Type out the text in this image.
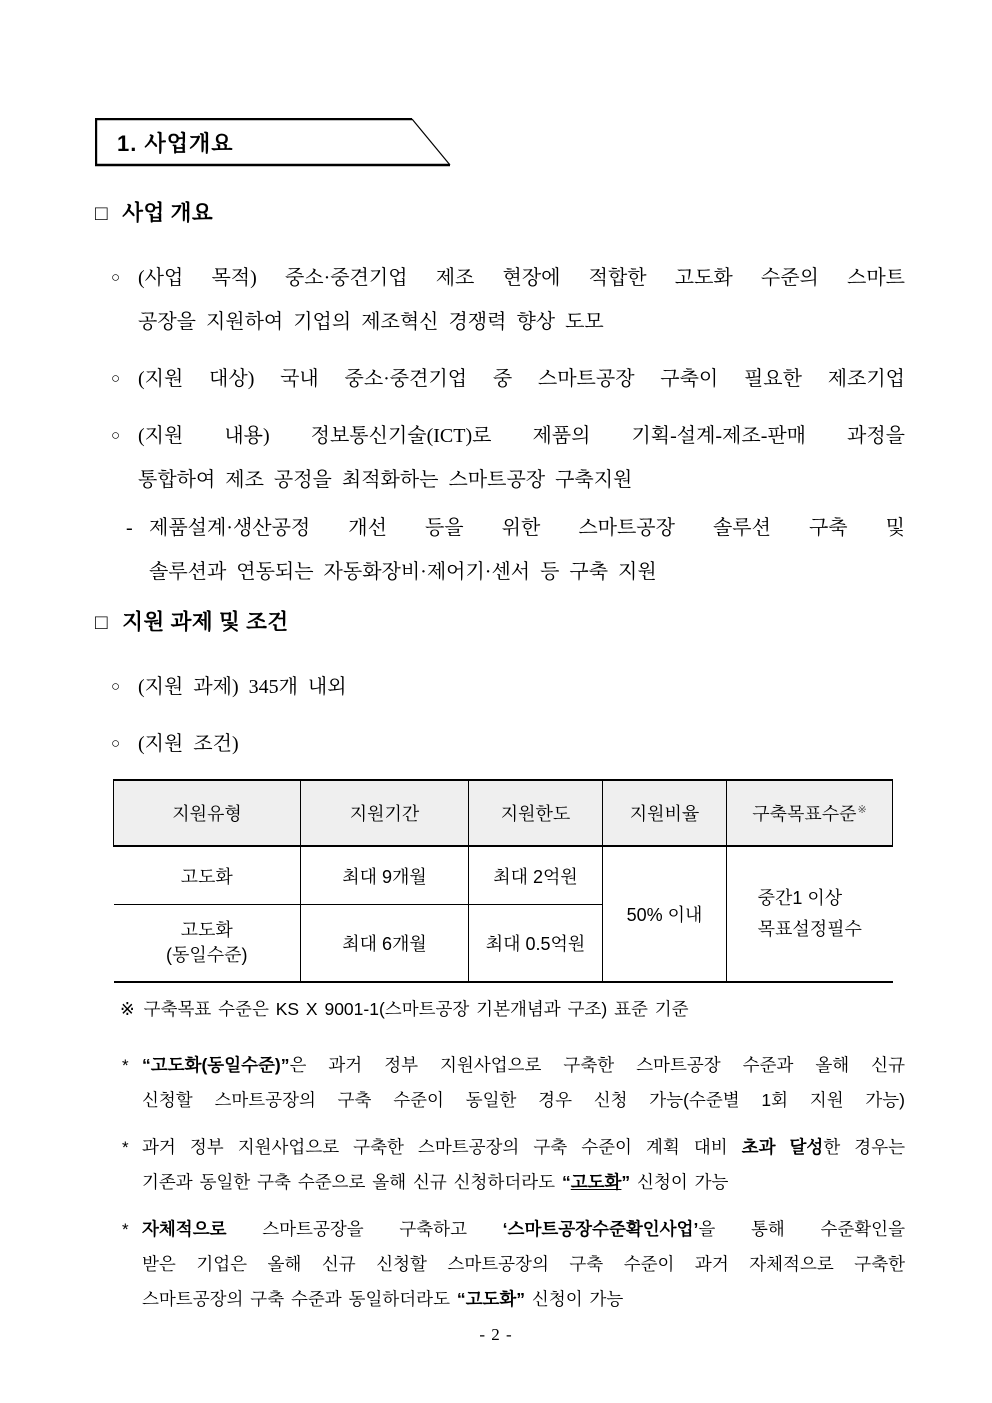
1. 사업개요
□ 사업 개요
○ (사업 목적) 중소·중견기업 제조 현장에 적합한 고도화 수준의 스마트
공장을 지원하여 기업의 제조혁신 경쟁력 향상 도모
○ (지원 대상) 국내 중소·중견기업 중 스마트공장 구축이 필요한 제조기업
○ (지원 내용) 정보통신기술(ICT)로 제품의 기획-설계-제조-판매 과정을
통합하여 제조 공정을 최적화하는 스마트공장 구축지원
- 제품설계·생산공정 개선 등을 위한 스마트공장 솔루션 구축 및
솔루션과 연동되는 자동화장비·제어기·센서 등 구축 지원
□ 지원 과제 및 조건
○ (지원 과제) 345개 내외
○ (지원 조건)
지원유형	지원기간	지원한도	지원비율	구축목표수준※
고도화	최대 9개월	최대 2억원	50% 이내	중간1 이상
목표설정필수

고도화
(동일수준)	최대 6개월	최대 0.5억원		
※ 구축목표 수준은 KS X 9001-1(스마트공장 기본개념과 구조) 표준 기준
* “고도화(동일수준)”은 과거 정부 지원사업으로 구축한 스마트공장 수준과 올해 신규
신청할 스마트공장의 구축 수준이 동일한 경우 신청 가능(수준별 1회 지원 가능)
* 과거 정부 지원사업으로 구축한 스마트공장의 구축 수준이 계획 대비 초과 달성한 경우는
기존과 동일한 구축 수준으로 올해 신규 신청하더라도 “고도화” 신청이 가능
* 자체적으로 스마트공장을 구축하고 ‘스마트공장수준확인사업’을 통해 수준확인을
받은 기업은 올해 신규 신청할 스마트공장의 구축 수준이 과거 자체적으로 구축한
스마트공장의 구축 수준과 동일하더라도 “고도화” 신청이 가능
- 2 -
